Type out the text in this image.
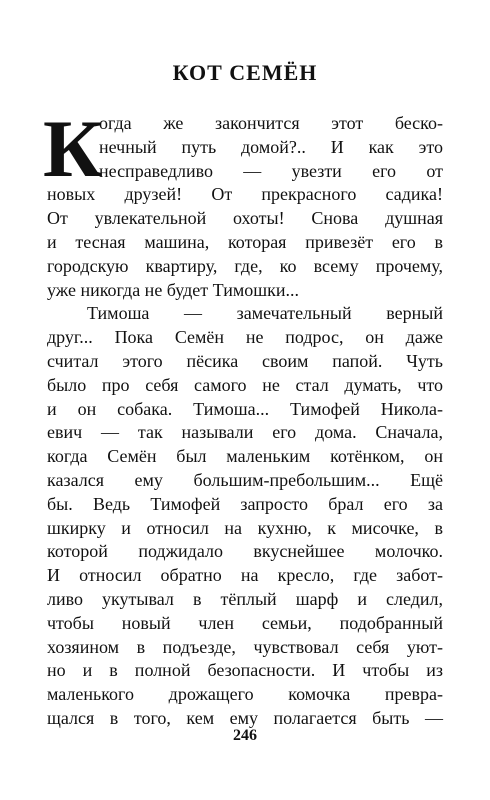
КОТ СЕМЁН
К
огда же закончится этот беско-
нечный путь домой?.. И как это
несправедливо — увезти его от
новых друзей! От прекрасного садика!
От увлекательной охоты! Снова душная
и тесная машина, которая привезёт его в
городскую квартиру, где, ко всему прочему,
уже никогда не будет Тимошки...
Тимоша — замечательный верный
друг... Пока Семён не подрос, он даже
считал этого пёсика своим папой. Чуть
было про себя самого не стал думать, что
и он собака. Тимоша... Тимофей Никола-
евич — так называли его дома. Сначала,
когда Семён был маленьким котёнком, он
казался ему большим-пребольшим... Ещё
бы. Ведь Тимофей запросто брал его за
шкирку и относил на кухню, к мисочке, в
которой поджидало вкуснейшее молочко.
И относил обратно на кресло, где забот-
ливо укутывал в тёплый шарф и следил,
чтобы новый член семьи, подобранный
хозяином в подъезде, чувствовал себя уют-
но и в полной безопасности. И чтобы из
маленького дрожащего комочка превра-
щался в того, кем ему полагается быть —
246
